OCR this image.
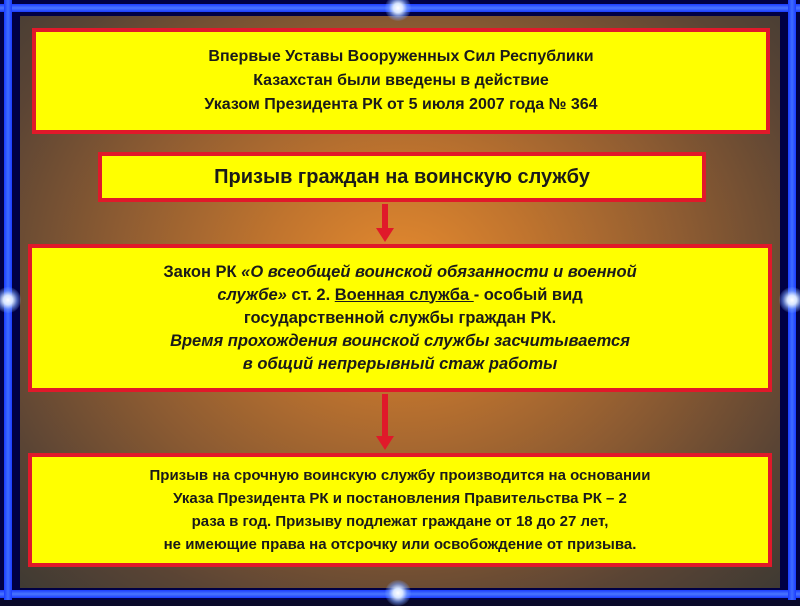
Впервые Уставы Вооруженных Сил Республики

Казахстан были введены в действие

Указом Президента РК от 5 июля 2007 года № 364

Призыв граждан на воинскую службу

Закон РК «О всеобщей воинской обязанности и военной

службе» ст. 2. Военная служба - особый вид

государственной службы граждан РК.

Время прохождения воинской службы засчитывается

в общий непрерывный стаж работы

Призыв на срочную воинскую службу производится на основании

Указа Президента РК и постановления Правительства РК – 2

раза в год. Призыву подлежат граждане от 18 до 27 лет,

не имеющие права на отсрочку или освобождение от призыва.
